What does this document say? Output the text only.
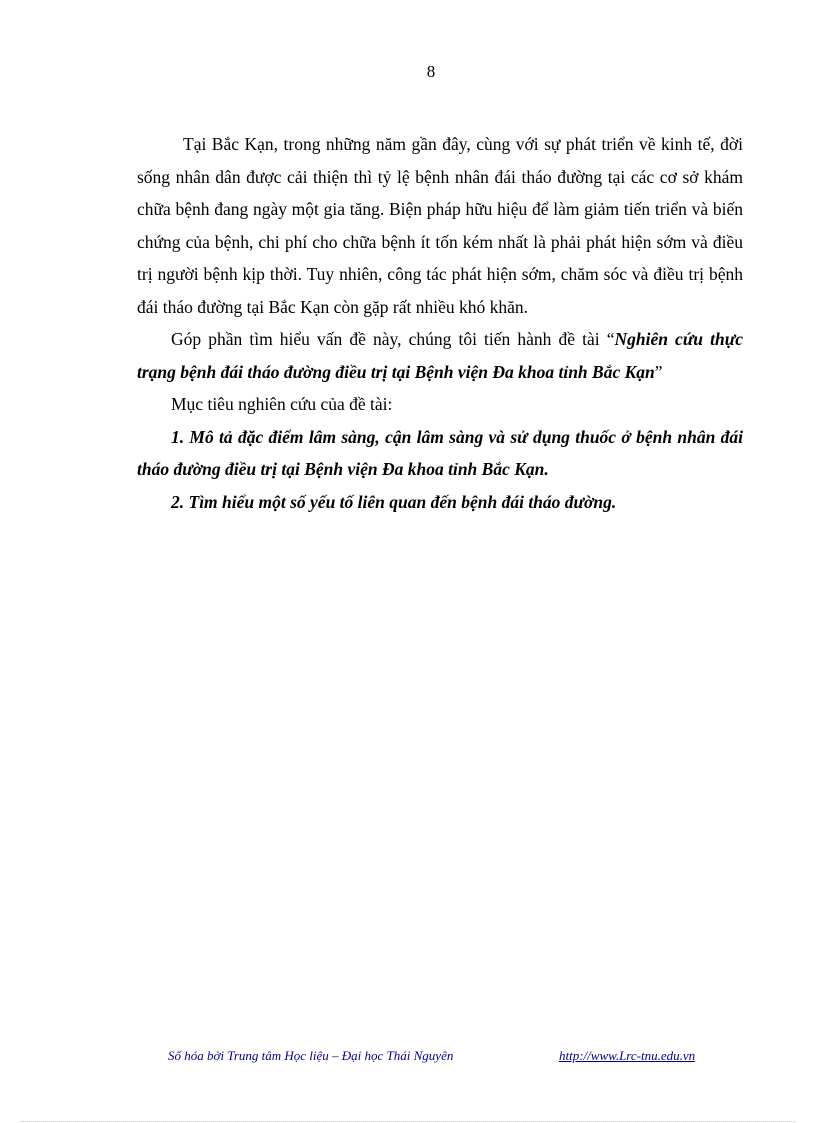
8

Tại Bắc Kạn, trong những năm gần đây, cùng với sự phát triển về kinh tế, đời sống nhân dân được cải thiện thì tỷ lệ bệnh nhân đái tháo đường tại các cơ sở khám chữa bệnh đang ngày một gia tăng. Biện pháp hữu hiệu để làm giảm tiến triển và biến chứng của bệnh, chi phí cho chữa bệnh ít tốn kém nhất là phải phát hiện sớm và điều trị người bệnh kịp thời. Tuy nhiên, công tác phát hiện sớm, chăm sóc và điều trị bệnh đái tháo đường tại Bắc Kạn còn gặp rất nhiều khó khăn.

Góp phần tìm hiểu vấn đề này, chúng tôi tiến hành đề tài “Nghiên cứu thực trạng bệnh đái tháo đường điều trị tại Bệnh viện Đa khoa tỉnh Bắc Kạn”

Mục tiêu nghiên cứu của đề tài:

1. Mô tả đặc điểm lâm sàng, cận lâm sàng và sử dụng thuốc ở bệnh nhân đái tháo đường điều trị tại Bệnh viện Đa khoa tỉnh Bắc Kạn.

2. Tìm hiểu một số yếu tố liên quan đến bệnh đái tháo đường.

Số hóa bởi Trung tâm Học liệu – Đại học Thái Nguyên	http://www.Lrc-tnu.edu.vn
